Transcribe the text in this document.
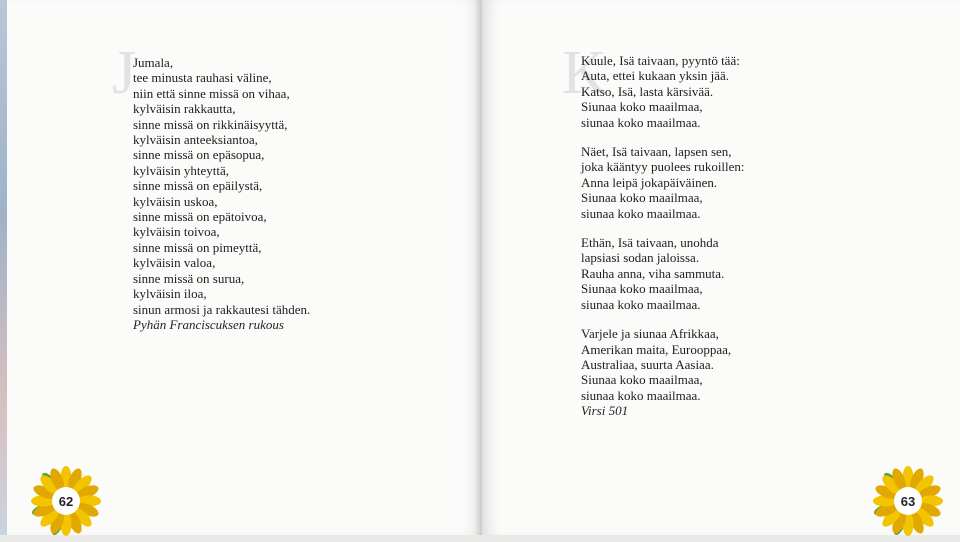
J
Jumala,
tee minusta rauhasi väline,
niin että sinne missä on vihaa,
kylväisin rakkautta,
sinne missä on rikkinäisyyttä,
kylväisin anteeksiantoa,
sinne missä on epäsopua,
kylväisin yhteyttä,
sinne missä on epäilystä,
kylväisin uskoa,
sinne missä on epätoivoa,
kylväisin toivoa,
sinne missä on pimeyttä,
kylväisin valoa,
sinne missä on surua,
kylväisin iloa,
sinun armosi ja rakkautesi tähden.
Pyhän Franciscuksen rukous
62
K
Kuule, Isä taivaan, pyyntö tää:
Auta, ettei kukaan yksin jää.
Katso, Isä, lasta kärsivää.
Siunaa koko maailmaa,
siunaa koko maailmaa.
Näet, Isä taivaan, lapsen sen,
joka kääntyy puolees rukoillen:
Anna leipä jokapäiväinen.
Siunaa koko maailmaa,
siunaa koko maailmaa.
Ethän, Isä taivaan, unohda
lapsiasi sodan jaloissa.
Rauha anna, viha sammuta.
Siunaa koko maailmaa,
siunaa koko maailmaa.
Varjele ja siunaa Afrikkaa,
Amerikan maita, Eurooppaa,
Australiaa, suurta Aasiaa.
Siunaa koko maailmaa,
siunaa koko maailmaa.
Virsi 501
63
